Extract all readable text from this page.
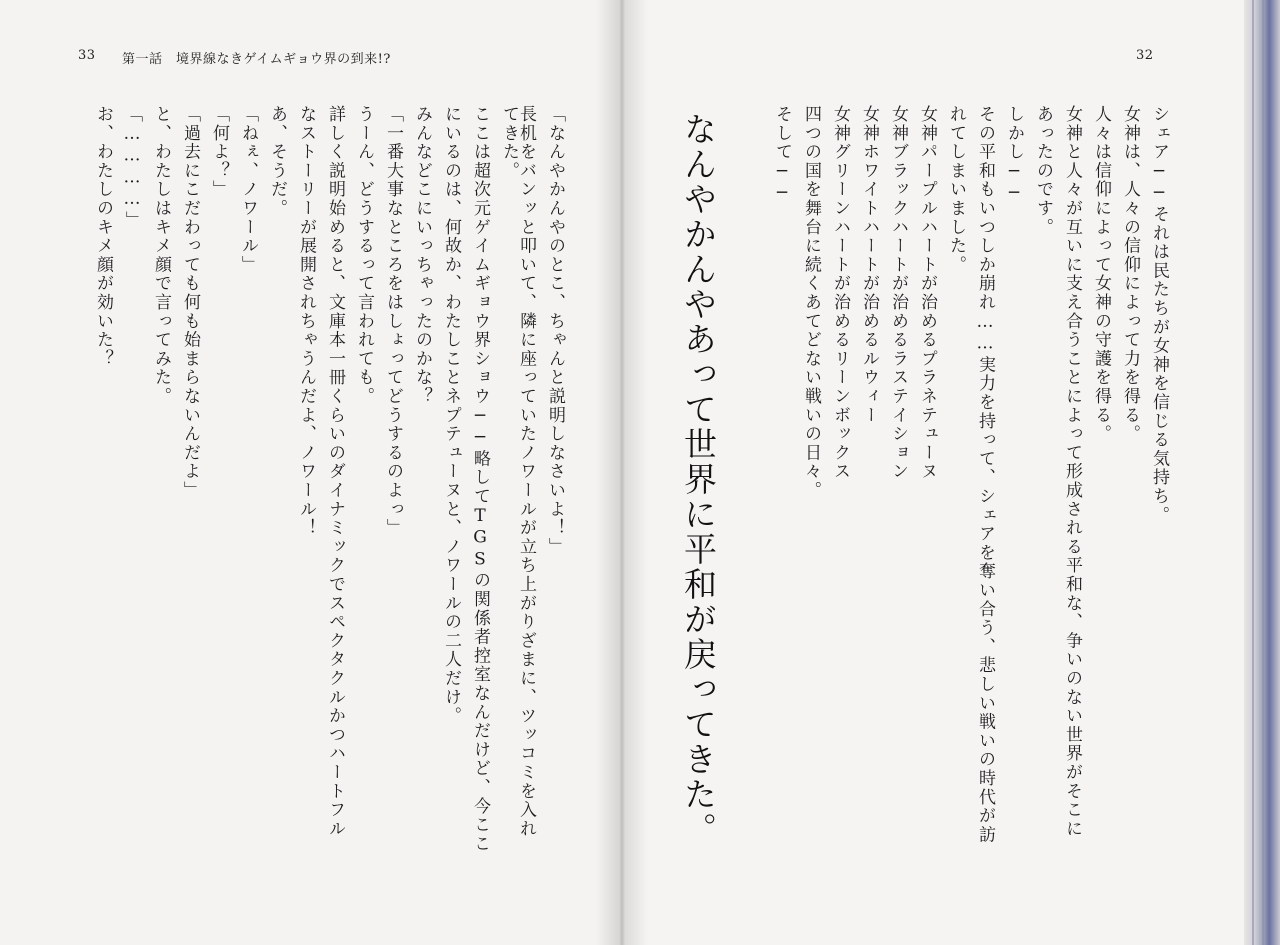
33 第一話　境界線なきゲイムギョウ界の到来!?
「なんやかんやのとこ、ちゃんと説明しなさいよ！」
長机をバンッと叩いて、隣に座っていたノワールが立ち上がりざまに、ツッコミを入れ
てきた。
ここは超次元ゲイムギョウ界ショウ──略してTGSの関係者控室なんだけど、今ここ
にいるのは、何故か、わたしことネプテューヌと、ノワールの二人だけ。
みんなどこにいっちゃったのかな？
「一番大事なところをはしょってどうするのよっ」
うーん、どうするって言われても。
詳しく説明始めると、文庫本一冊くらいのダイナミックでスペクタクルかつハートフル
なストーリーが展開されちゃうんだよ、ノワール！
あ、そうだ。
「ねぇ、ノワール」
「何よ？」
「過去にこだわっても何も始まらないんだよ」
と、わたしはキメ顔で言ってみた。
「…………」
お、わたしのキメ顔が効いた？
32
シェア──それは民たちが女神を信じる気持ち。
女神は、人々の信仰によって力を得る。
人々は信仰によって女神の守護を得る。
女神と人々が互いに支え合うことによって形成される平和な、争いのない世界がそこに
あったのです。
しかし──
その平和もいつしか崩れ……実力を持って、シェアを奪い合う、悲しい戦いの時代が訪
れてしまいました。
女神パープルハートが治めるプラネテューヌ
女神ブラックハートが治めるラステイション
女神ホワイトハートが治めるルウィー
女神グリーンハートが治めるリーンボックス
四つの国を舞台に続くあてどない戦いの日々。
そして──
なんやかんやあって世界に平和が戻ってきた。
